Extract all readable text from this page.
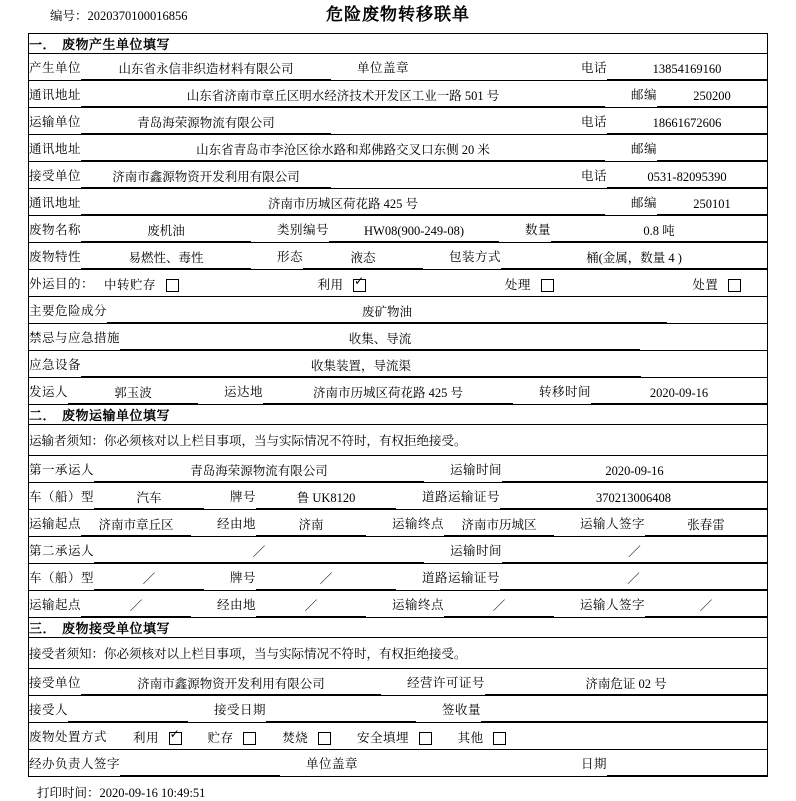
编号：2020370100016856	危险废物转移联单
一． 废物产生单位填写

产生单位	山东省永信非织造材料有限公司	单位盖章	电话	13854169160

通讯地址	山东省济南市章丘区明水经济技术开发区工业一路 501 号	邮编	250200

运输单位	青岛海荣源物流有限公司	电话	18661672606

通讯地址	山东省青岛市李沧区徐水路和郑佛路交叉口东侧 20 米	邮编

接受单位	济南市鑫源物资开发利用有限公司	电话	0531-82095390

通讯地址	济南市历城区荷花路 425 号	邮编	250101

废物名称	废机油	类别编号	HW08(900-249-08)	数量	0.8 吨

废物特性	易燃性、毒性	形态	液态	包装方式	桶(金属，数量 4 )

外运目的： 中转贮存	利用 ✓	处理	处置

主要危险成分	废矿物油

禁忌与应急措施	收集、导流

应急设备	收集装置，导流渠

发运人	郭玉波	运达地	济南市历城区荷花路 425 号	转移时间	2020-09-16

二． 废物运输单位填写
运输者须知：你必须核对以上栏目事项，当与实际情况不符时，有权拒绝接受。

第一承运人	青岛海荣源物流有限公司	运输时间	2020-09-16

车（船）型	汽车	牌号	鲁 UK8120	道路运输证号	370213006408

运输起点	济南市章丘区	经由地	济南	运输终点	济南市历城区	运输人签字	张春雷

第二承运人	／	运输时间	／

车（船）型	／	牌号	／	道路运输证号	／

运输起点	／	经由地	／	运输终点	／	运输人签字	／

三． 废物接受单位填写
接受者须知：你必须核对以上栏目事项，当与实际情况不符时，有权拒绝接受。

接受单位	济南市鑫源物资开发利用有限公司	经营许可证号	济南危证 02 号

接受人	接受日期	签收量

废物处置方式 利用 ✓	贮存	焚烧	安全填埋	其他

经办负责人签字	单位盖章	日期
打印时间：2020-09-16 10:49:51
